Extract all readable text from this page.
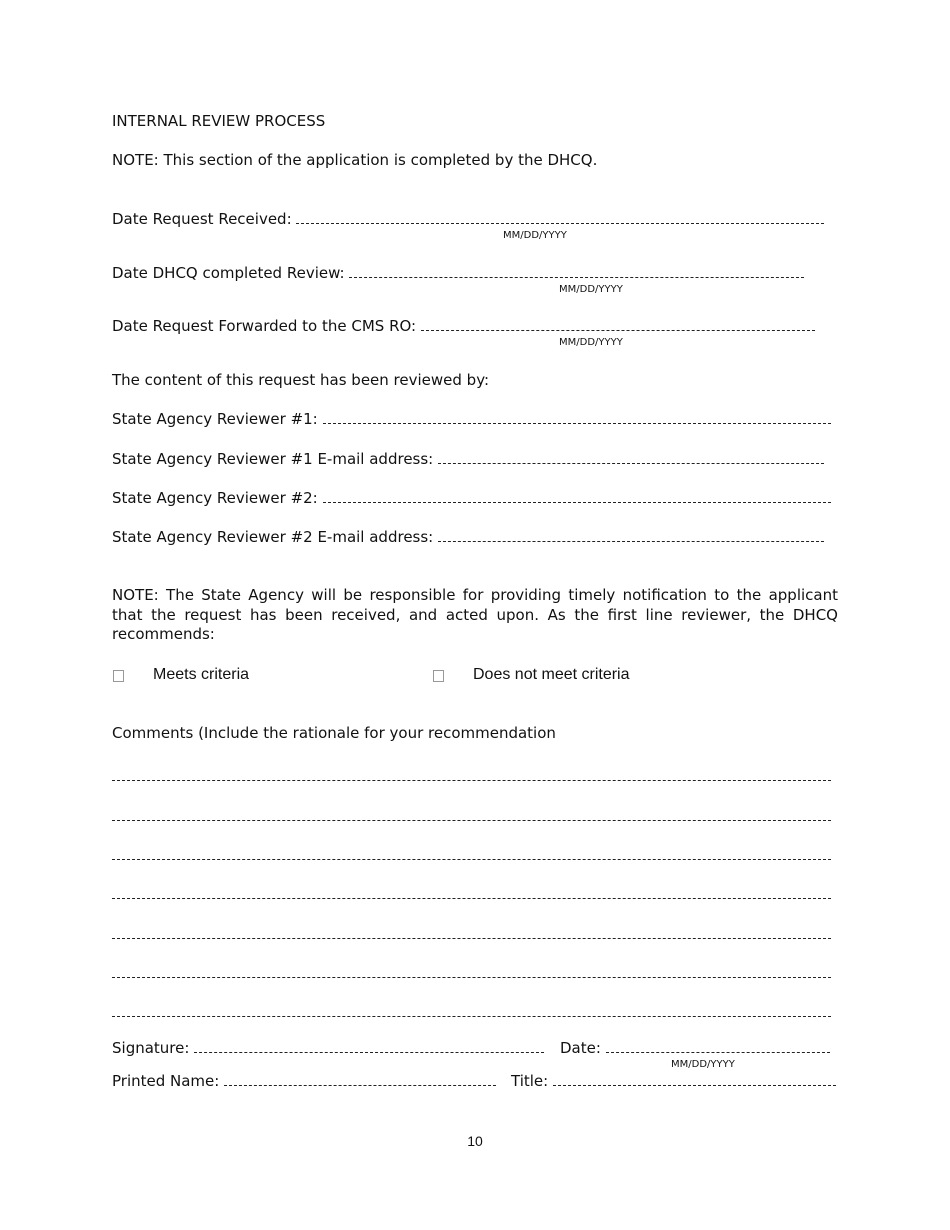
INTERNAL REVIEW PROCESS
NOTE: This section of the application is completed by the DHCQ.
Date Request Received:
MM/DD/YYYY
Date DHCQ completed Review:
MM/DD/YYYY
Date Request Forwarded to the CMS RO:
MM/DD/YYYY
The content of this request has been reviewed by:
State Agency Reviewer #1:
State Agency Reviewer #1 E-mail address:
State Agency Reviewer #2:
State Agency Reviewer #2 E-mail address:
NOTE: The State Agency will be responsible for providing timely notification to the applicant that the request has been received, and acted upon. As the first line reviewer, the DHCQ recommends:
Meets criteria	Does not meet criteria
Comments (Include the rationale for your recommendation
Signature:	Date:
MM/DD/YYYY
Printed Name:	Title:
10
